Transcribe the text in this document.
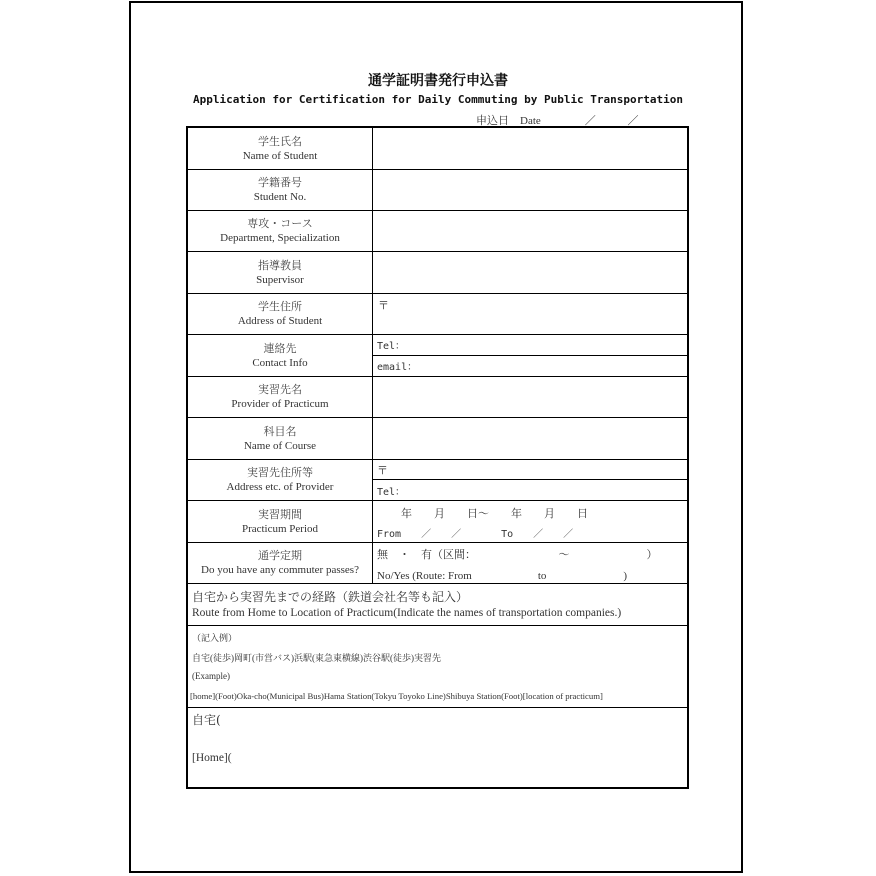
通学証明書発行申込書
Application for Certification for Daily Commuting by Public Transportation
申込日　Date	／	／
学生氏名
Name of Student
学籍番号
Student No.
専攻・コース
Department, Specialization
指導教員
Supervisor
学生住所
Address of Student
〒
連絡先
Contact Info
Tel：
email：
実習先名
Provider of Practicum
科目名
Name of Course
実習先住所等
Address etc. of Provider
〒
Tel：
実習期間
Practicum Period
年　　月　　日～　　年　　月　　日
From　　／　　／　　　　To　　／　　／
通学定期
Do you have any commuter passes?
無　・　有（区間：　　　　　　　　～　　　　　　　）
No/Yes (Route: From　　　　　　to　　　　　　　)
自宅から実習先までの経路（鉄道会社名等も記入）
Route from Home to Location of Practicum(Indicate the names of transportation companies.)
（記入例）
自宅(徒歩)岡町(市営バス)浜駅(東急東横線)渋谷駅(徒歩)実習先
(Example)
[home](Foot)Oka-cho(Municipal Bus)Hama Station(Tokyu Toyoko Line)Shibuya Station(Foot)[location of practicum]
自宅(
[Home](
